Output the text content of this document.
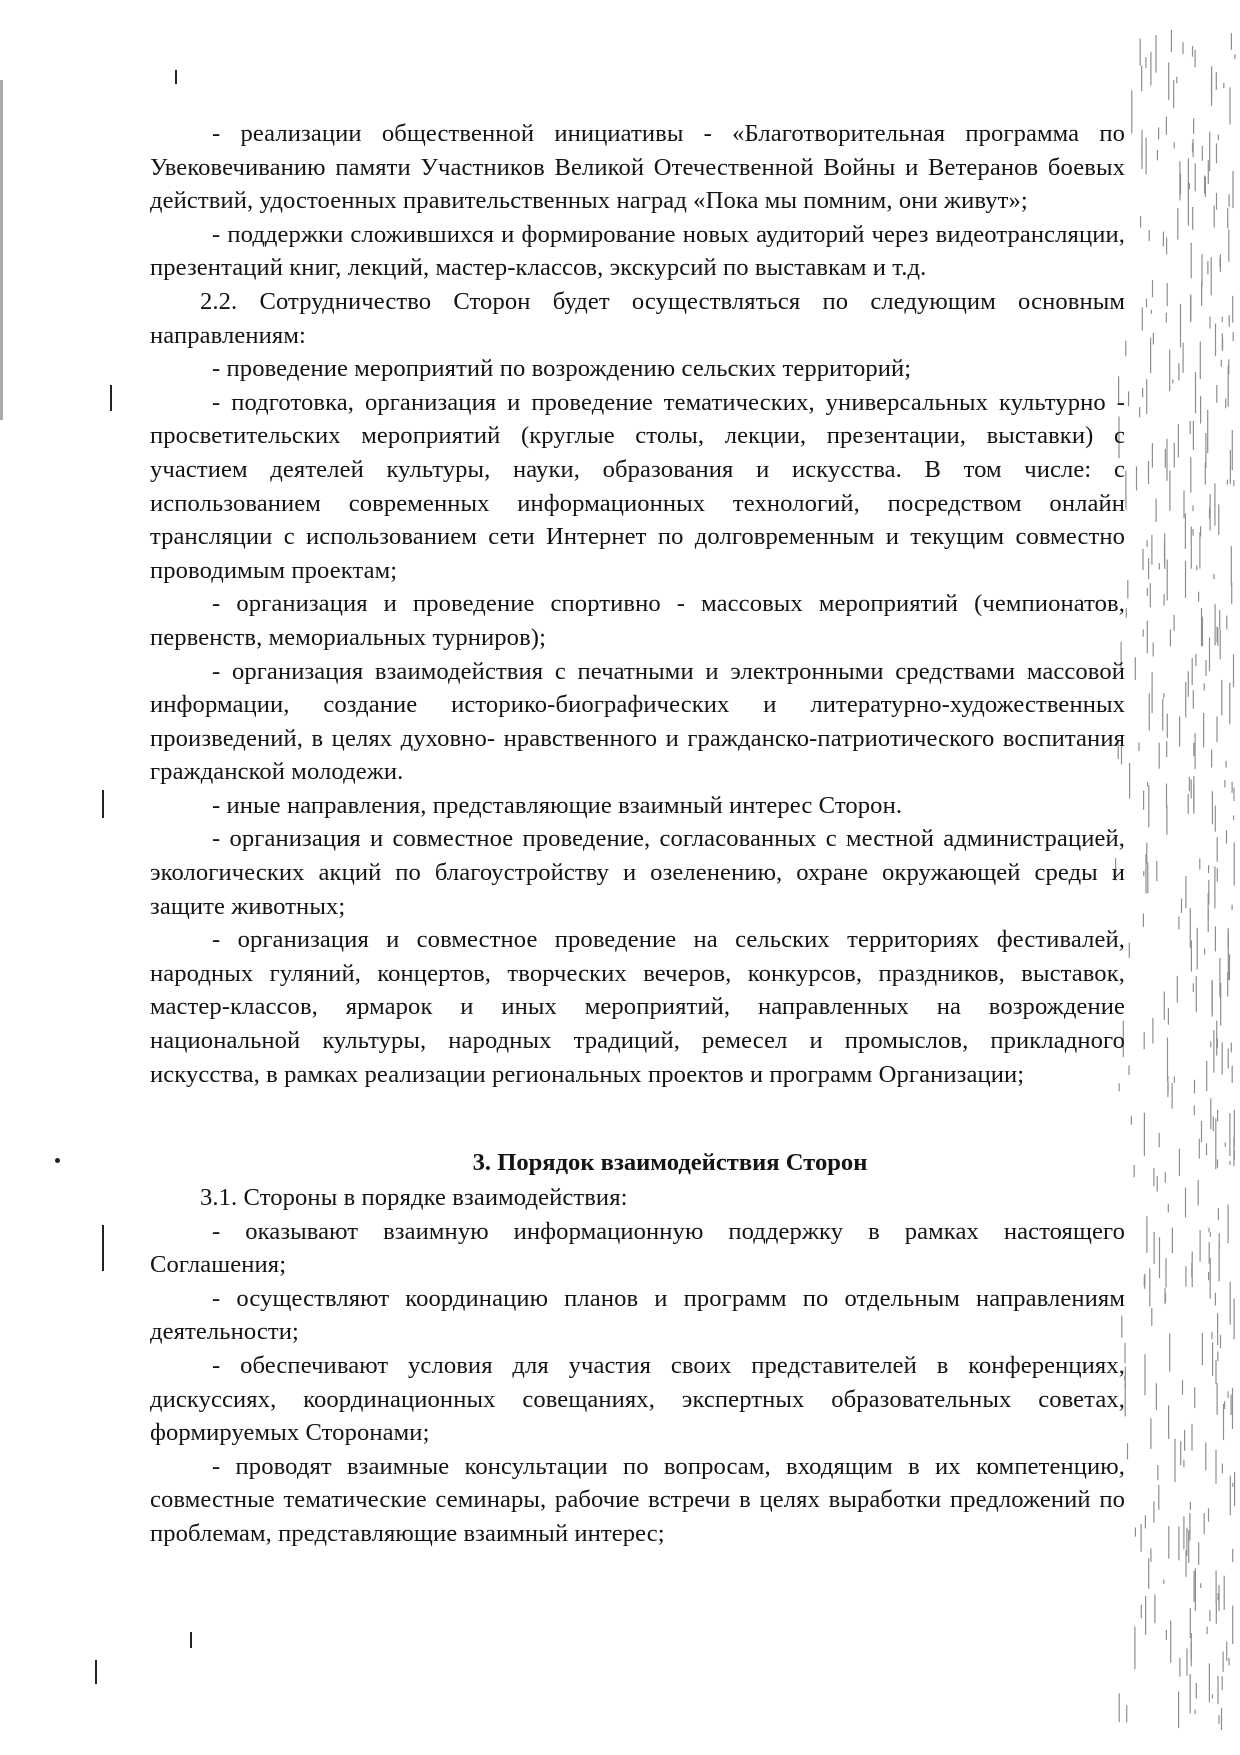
- реализации общественной инициативы - «Благотворительная программа по Увековечиванию памяти Участников Великой Отечественной Войны и Ветеранов боевых действий, удостоенных правительственных наград «Пока мы помним, они живут»;

- поддержки сложившихся и формирование новых аудиторий через видеотрансляции, презентаций книг, лекций, мастер-классов, экскурсий по выставкам и т.д.

2.2. Сотрудничество Сторон будет осуществляться по следующим основным направлениям:

- проведение мероприятий по возрождению сельских территорий;

- подготовка, организация и проведение тематических, универсальных культурно - просветительских мероприятий (круглые столы, лекции, презентации, выставки) с участием деятелей культуры, науки, образования и искусства. В том числе: с использованием современных информационных технологий, посредством онлайн трансляции с использованием сети Интернет по долговременным и текущим совместно проводимым проектам;

- организация и проведение спортивно - массовых мероприятий (чемпионатов, первенств, мемориальных турниров);

- организация взаимодействия с печатными и электронными средствами массовой информации, создание историко-биографических и литературно-художественных произведений, в целях духовно- нравственного и гражданско-патриотического воспитания гражданской молодежи.

- иные направления, представляющие взаимный интерес Сторон.

- организация и совместное проведение, согласованных с местной администрацией, экологических акций по благоустройству и озеленению, охране окружающей среды и защите животных;

- организация и совместное проведение на сельских территориях фестивалей, народных гуляний, концертов, творческих вечеров, конкурсов, праздников, выставок, мастер-классов, ярмарок и иных мероприятий, направленных на возрождение национальной культуры, народных традиций, ремесел и промыслов, прикладного искусства, в рамках реализации региональных проектов и программ Организации;

3. Порядок взаимодействия Сторон

3.1. Стороны в порядке взаимодействия:

- оказывают взаимную информационную поддержку в рамках настоящего Соглашения;

- осуществляют координацию планов и программ по отдельным направлениям деятельности;

- обеспечивают условия для участия своих представителей в конференциях, дискуссиях, координационных совещаниях, экспертных образовательных советах, формируемых Сторонами;

- проводят взаимные консультации по вопросам, входящим в их компетенцию, совместные тематические семинары, рабочие встречи в целях выработки предложений по проблемам, представляющие взаимный интерес;
